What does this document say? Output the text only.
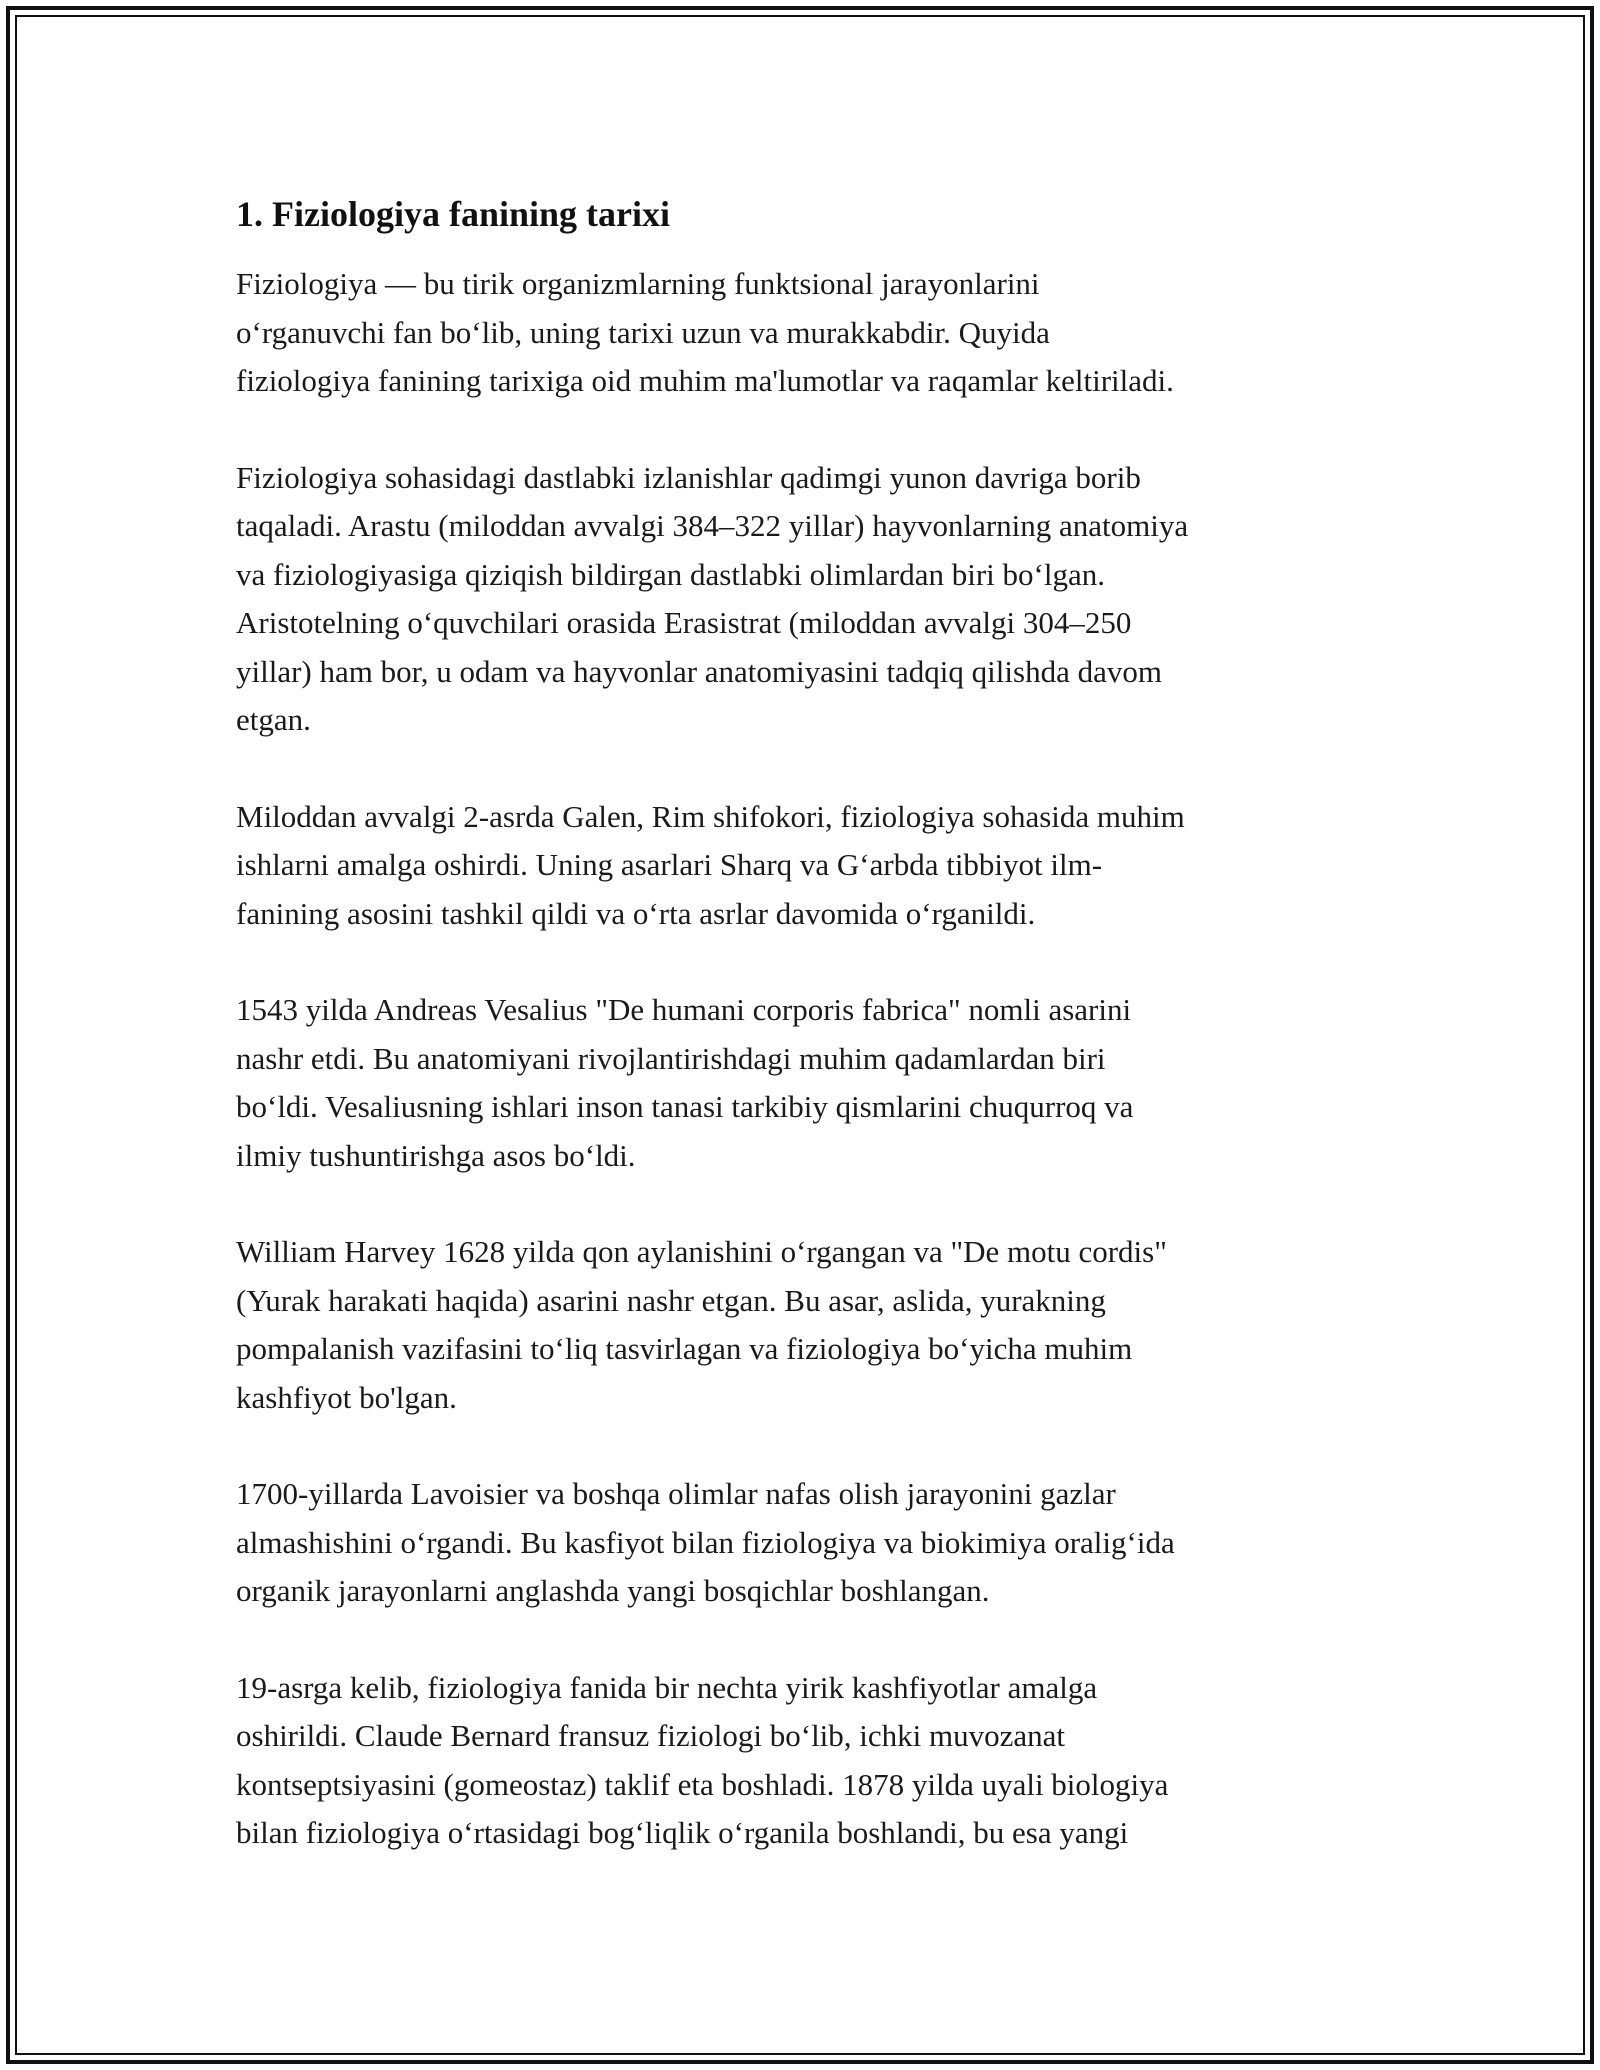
1. Fiziologiya fanining tarixi

Fiziologiya — bu tirik organizmlarning funktsional jarayonlarini
o‘rganuvchi fan bo‘lib, uning tarixi uzun va murakkabdir. Quyida
fiziologiya fanining tarixiga oid muhim ma'lumotlar va raqamlar keltiriladi.

Fiziologiya sohasidagi dastlabki izlanishlar qadimgi yunon davriga borib
taqaladi. Arastu (miloddan avvalgi 384–322 yillar) hayvonlarning anatomiya
va fiziologiyasiga qiziqish bildirgan dastlabki olimlardan biri bo‘lgan.
Aristotelning o‘quvchilari orasida Erasistrat (miloddan avvalgi 304–250
yillar) ham bor, u odam va hayvonlar anatomiyasini tadqiq qilishda davom
etgan.

Miloddan avvalgi 2-asrda Galen, Rim shifokori, fiziologiya sohasida muhim
ishlarni amalga oshirdi. Uning asarlari Sharq va G‘arbda tibbiyot ilm-
fanining asosini tashkil qildi va o‘rta asrlar davomida o‘rganildi.

1543 yilda Andreas Vesalius "De humani corporis fabrica" nomli asarini
nashr etdi. Bu anatomiyani rivojlantirishdagi muhim qadamlardan biri
bo‘ldi. Vesaliusning ishlari inson tanasi tarkibiy qismlarini chuqurroq va
ilmiy tushuntirishga asos bo‘ldi.

William Harvey 1628 yilda qon aylanishini o‘rgangan va "De motu cordis"
(Yurak harakati haqida) asarini nashr etgan. Bu asar, aslida, yurakning
pompalanish vazifasini to‘liq tasvirlagan va fiziologiya bo‘yicha muhim
kashfiyot bo'lgan.

1700-yillarda Lavoisier va boshqa olimlar nafas olish jarayonini gazlar
almashishini o‘rgandi. Bu kasfiyot bilan fiziologiya va biokimiya oralig‘ida
organik jarayonlarni anglashda yangi bosqichlar boshlangan.

19-asrga kelib, fiziologiya fanida bir nechta yirik kashfiyotlar amalga
oshirildi. Claude Bernard fransuz fiziologi bo‘lib, ichki muvozanat
kontseptsiyasini (gomeostaz) taklif eta boshladi. 1878 yilda uyali biologiya
bilan fiziologiya o‘rtasidagi bog‘liqlik o‘rganila boshlandi, bu esa yangi
